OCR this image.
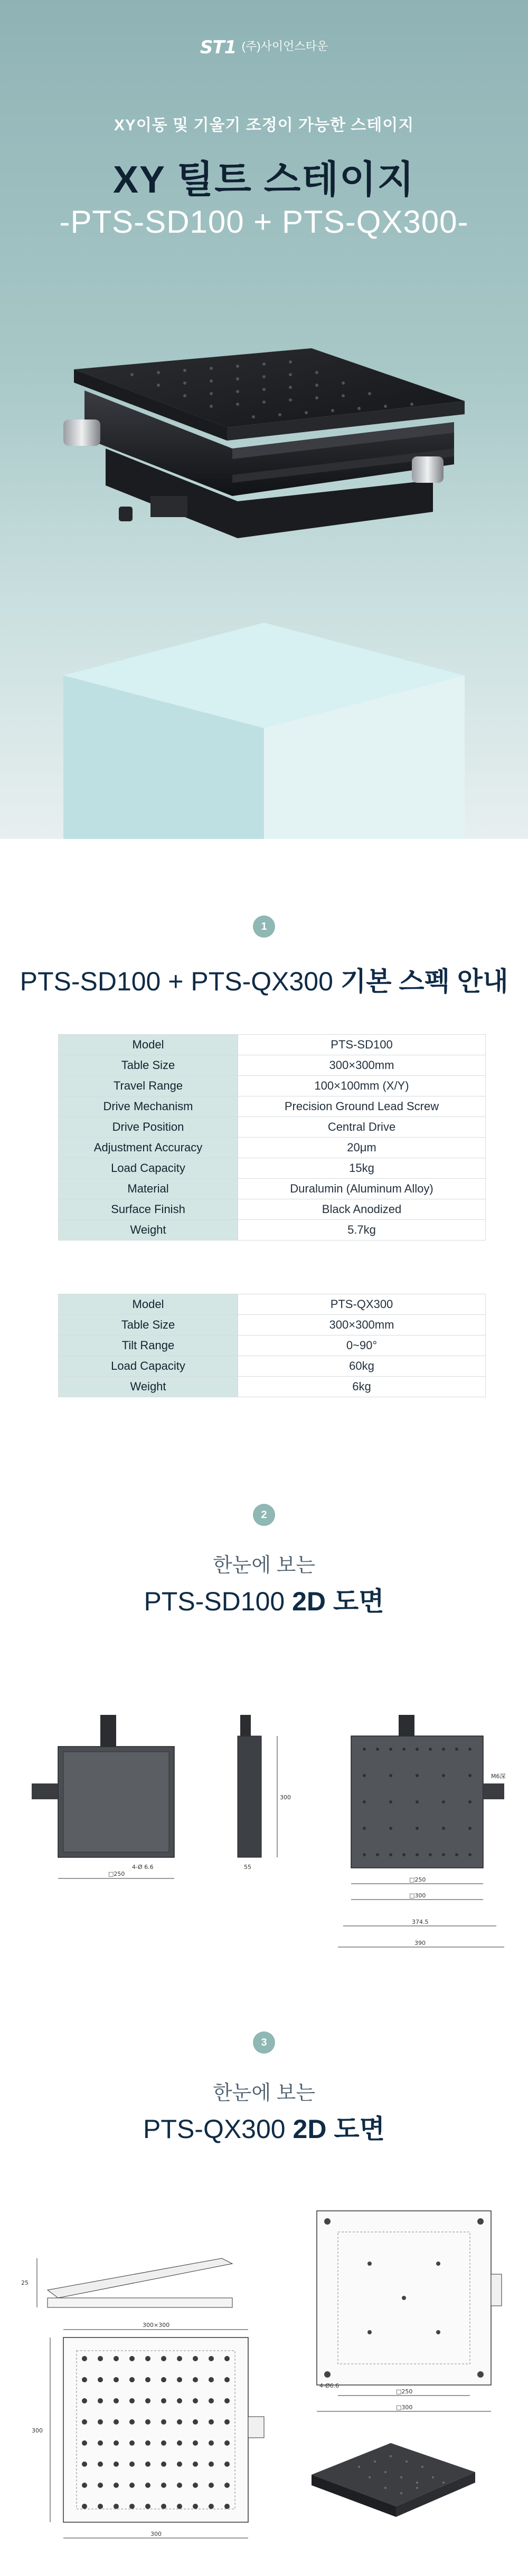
ST1 (주)사이언스타운
XY이동 및 기울기 조정이 가능한 스테이지
XY 틸트 스테이지
-PTS-SD100 + PTS-QX300-
1
PTS-SD100 + PTS-QX300 기본 스펙 안내
Model	PTS-SD100
Table Size	300×300mm
Travel Range	100×100mm (X/Y)
Drive Mechanism	Precision Ground Lead Screw
Drive Position	Central Drive
Adjustment Accuracy	20μm
Load Capacity	15kg
Material	Duralumin (Aluminum Alloy)
Surface Finish	Black Anodized
Weight	5.7kg
Model	PTS-QX300
Table Size	300×300mm
Tilt Range	0~90°
Load Capacity	60kg
Weight	6kg
2
한눈에 보는
PTS-SD100 2D 도면
□250
4-Ø 6.6
300
55
M6深
□250
□300
374.5
390
3
한눈에 보는
PTS-QX300 2D 도면
25
300×300
300
300
□250
□300
4-Ø6.6
